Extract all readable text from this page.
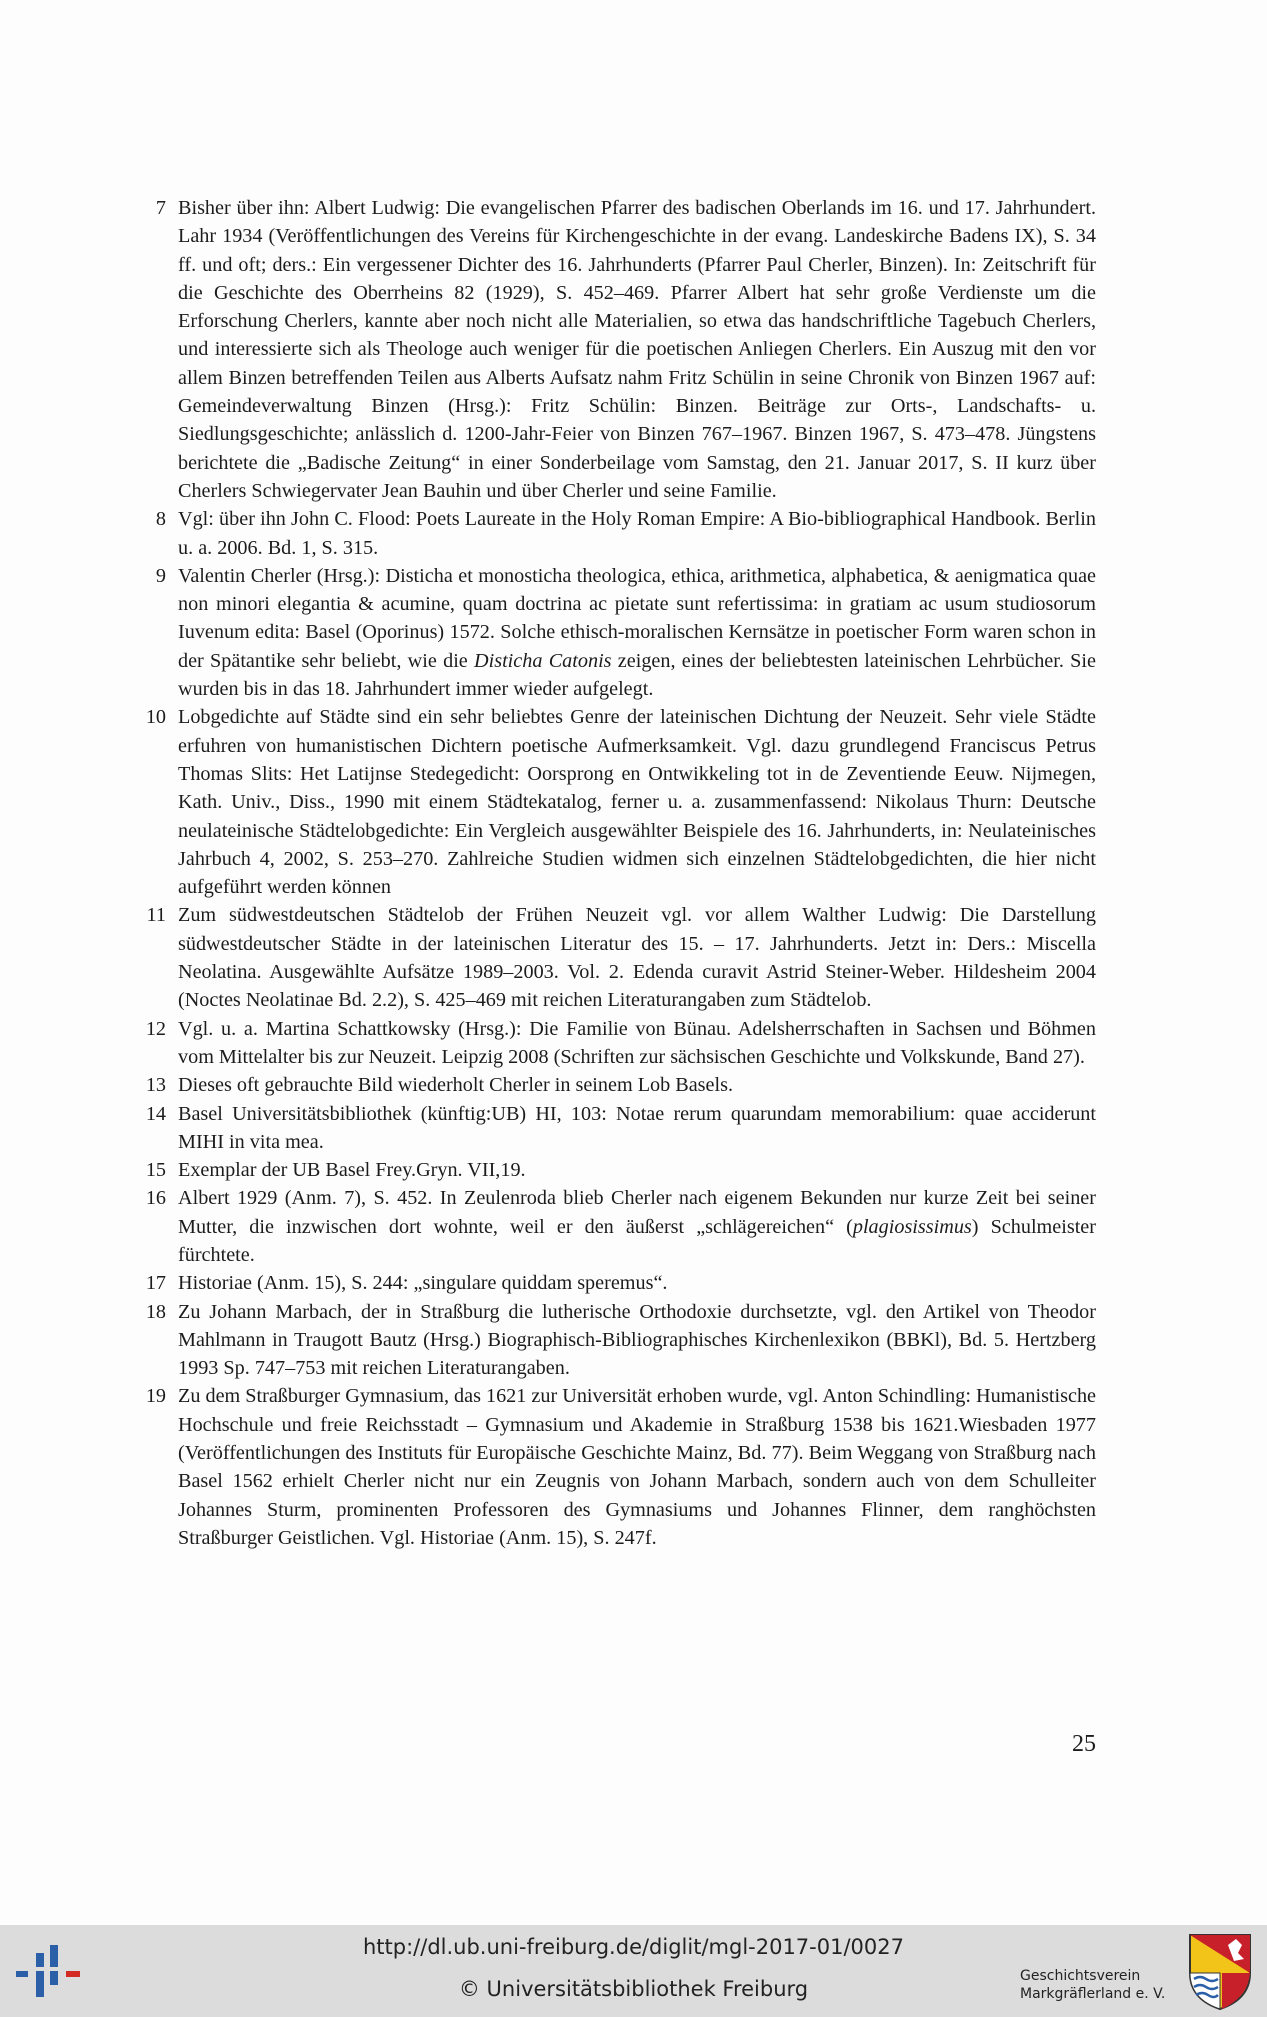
7 Bisher über ihn: Albert Ludwig: Die evangelischen Pfarrer des badischen Oberlands im 16. und 17. Jahrhundert. Lahr 1934 (Veröffentlichungen des Vereins für Kirchengeschichte in der evang. Landeskirche Badens IX), S. 34 ff. und oft; ders.: Ein vergessener Dichter des 16. Jahrhunderts (Pfarrer Paul Cherler, Binzen). In: Zeitschrift für die Geschichte des Oberrheins 82 (1929), S. 452–469. Pfarrer Albert hat sehr große Verdienste um die Erforschung Cherlers, kannte aber noch nicht alle Materialien, so etwa das handschriftliche Tagebuch Cherlers, und interessierte sich als Theologe auch weniger für die poetischen Anliegen Cherlers. Ein Auszug mit den vor allem Binzen betreffenden Teilen aus Alberts Aufsatz nahm Fritz Schülin in seine Chronik von Binzen 1967 auf: Gemeindeverwaltung Binzen (Hrsg.): Fritz Schülin: Binzen. Beiträge zur Orts-, Landschafts- u. Siedlungsgeschichte; anlässlich d. 1200-Jahr-Feier von Binzen 767–1967. Binzen 1967, S. 473–478. Jüngstens berichtete die „Badische Zeitung“ in einer Sonderbeilage vom Samstag, den 21. Januar 2017, S. II kurz über Cherlers Schwiegervater Jean Bauhin und über Cherler und seine Familie.
8 Vgl: über ihn John C. Flood: Poets Laureate in the Holy Roman Empire: A Bio-bibliographical Handbook. Berlin u. a. 2006. Bd. 1, S. 315.
9 Valentin Cherler (Hrsg.): Disticha et monosticha theologica, ethica, arithmetica, alphabetica, & aenigmatica quae non minori elegantia & acumine, quam doctrina ac pietate sunt refertissima: in gratiam ac usum studiosorum Iuvenum edita: Basel (Oporinus) 1572. Solche ethisch-moralischen Kernsätze in poetischer Form waren schon in der Spätantike sehr beliebt, wie die Disticha Catonis zeigen, eines der beliebtesten lateinischen Lehrbücher. Sie wurden bis in das 18. Jahrhundert immer wieder aufgelegt.
10 Lobgedichte auf Städte sind ein sehr beliebtes Genre der lateinischen Dichtung der Neuzeit. Sehr viele Städte erfuhren von humanistischen Dichtern poetische Aufmerksamkeit. Vgl. dazu grundlegend Franciscus Petrus Thomas Slits: Het Latijnse Stedegedicht: Oorsprong en Ontwikkeling tot in de Zeventiende Eeuw. Nijmegen, Kath. Univ., Diss., 1990 mit einem Städtekatalog, ferner u. a. zusammenfassend: Nikolaus Thurn: Deutsche neulateinische Städtelobgedichte: Ein Vergleich ausgewählter Beispiele des 16. Jahrhunderts, in: Neulateinisches Jahrbuch 4, 2002, S. 253–270. Zahlreiche Studien widmen sich einzelnen Städtelobgedichten, die hier nicht aufgeführt werden können
11 Zum südwestdeutschen Städtelob der Frühen Neuzeit vgl. vor allem Walther Ludwig: Die Darstellung südwestdeutscher Städte in der lateinischen Literatur des 15. – 17. Jahrhunderts. Jetzt in: Ders.: Miscella Neolatina. Ausgewählte Aufsätze 1989–2003. Vol. 2. Edenda curavit Astrid Steiner-Weber. Hildesheim 2004 (Noctes Neolatinae Bd. 2.2), S. 425–469 mit reichen Literaturangaben zum Städtelob.
12 Vgl. u. a. Martina Schattkowsky (Hrsg.): Die Familie von Bünau. Adelsherrschaften in Sachsen und Böhmen vom Mittelalter bis zur Neuzeit. Leipzig 2008 (Schriften zur sächsischen Geschichte und Volkskunde, Band 27).
13 Dieses oft gebrauchte Bild wiederholt Cherler in seinem Lob Basels.
14 Basel Universitätsbibliothek (künftig:UB) HI, 103: Notae rerum quarundam memorabilium: quae acciderunt MIHI in vita mea.
15 Exemplar der UB Basel Frey.Gryn. VII,19.
16 Albert 1929 (Anm. 7), S. 452. In Zeulenroda blieb Cherler nach eigenem Bekunden nur kurze Zeit bei seiner Mutter, die inzwischen dort wohnte, weil er den äußerst „schlägereichen“ (plagiosissimus) Schulmeister fürchtete.
17 Historiae (Anm. 15), S. 244: „singulare quiddam speremus“.
18 Zu Johann Marbach, der in Straßburg die lutherische Orthodoxie durchsetzte, vgl. den Artikel von Theodor Mahlmann in Traugott Bautz (Hrsg.) Biographisch-Bibliographisches Kirchenlexikon (BBKl), Bd. 5. Hertzberg 1993 Sp. 747–753 mit reichen Literaturangaben.
19 Zu dem Straßburger Gymnasium, das 1621 zur Universität erhoben wurde, vgl. Anton Schindling: Humanistische Hochschule und freie Reichsstadt – Gymnasium und Akademie in Straßburg 1538 bis 1621.Wiesbaden 1977 (Veröffentlichungen des Instituts für Europäische Geschichte Mainz, Bd. 77). Beim Weggang von Straßburg nach Basel 1562 erhielt Cherler nicht nur ein Zeugnis von Johann Marbach, sondern auch von dem Schulleiter Johannes Sturm, prominenten Professoren des Gymnasiums und Johannes Flinner, dem ranghöchsten Straßburger Geistlichen. Vgl. Historiae (Anm. 15), S. 247f.
25
http://dl.ub.uni-freiburg.de/diglit/mgl-2017-01/0027
© Universitätsbibliothek Freiburg
Geschichtsverein
Markgräflerland e. V.
